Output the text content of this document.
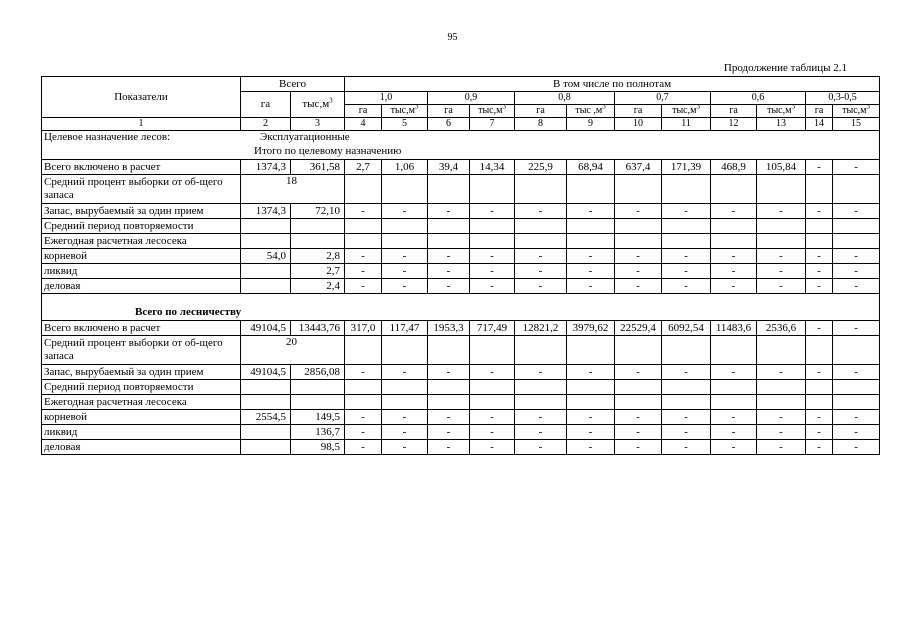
95
Продолжение таблицы 2.1
Показатели	Всего		В том числе по полнотам											
	га	$тыс,м^3$	1,0		0,9		0,8		0,7		0,6		0,3-0,5	
			га	$тыс,м^3$	га	$тыс,м^3$	га	тыс $,м^3$	га	$тыс,м^3$	га	$тыс,м^3$	га	$тыс,м^3$
1	2	3	4	5	6	7	8	9	10	11	12	13	14	15

Целевое назначение лесов: Эксплуатационные
Итого по целевому назначению														

Всего включено в расчет	1374,3	361,58	2,7	1,06	39,4	14,34	225,9	68,94	637,4	171,39	468,9	105,84	-	-
Средний процент выборки от об-щего запаса	18													
Запас, вырубаемый за один прием	1374,3	72,10	-	-	-	-	-	-	-	-	-	-	-	-
Средний период повторяемости														
Ежегодная расчетная лесосека														
корневой	54,0	2,8	-	-	-	-	-	-	-	-	-	-	-	-
ликвид		2,7	-	-	-	-	-	-	-	-	-	-	-	-
деловая		2,4	-	-	-	-	-	-	-	-	-	-	-	-

Всего по лесничеству														

Всего включено в расчет	49104,5	13443,76	317,0	117,47	1953,3	717,49	12821,2	3979,62	22529,4	6092,54	11483,6	2536,6	-	-
Средний процент выборки от об-щего запаса	20													
Запас, вырубаемый за один прием	49104,5	2856,08	-	-	-	-	-	-	-	-	-	-	-	-
Средний период повторяемости														
Ежегодная расчетная лесосека														
корневой	2554,5	149,5	-	-	-	-	-	-	-	-	-	-	-	-
ликвид		136,7	-	-	-	-	-	-	-	-	-	-	-	-
деловая		98,5	-	-	-	-	-	-	-	-	-	-	-	-
